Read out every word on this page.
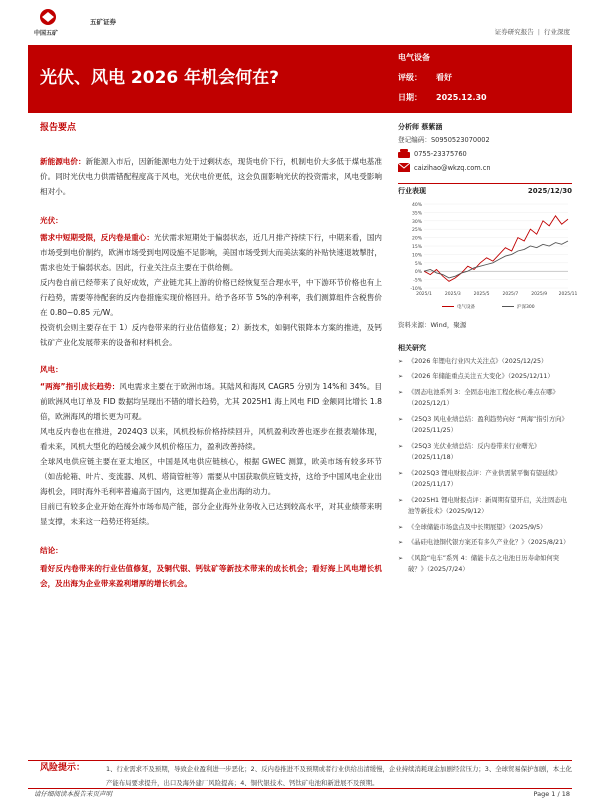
中国五矿
五矿证券
证券研究报告 | 行业深度
光伏、风电 2026 年机会何在?
电气设备
评级： 看好
日期： 2025.12.30
报告要点

新能源电价：新能源入市后，因新能源电力处于过剩状态，现货电价下行，机制电价大多低于煤电基准价。同时光伏电力供需错配程度高于风电，光伏电价更低，这会负面影响光伏的投资需求，风电受影响相对小。

光伏：

需求中短期受限，反内卷是重心：光伏需求短期处于偏弱状态，近几月排产持续下行，中期来看，国内市场受到电价制约，欧洲市场受到电网设施不足影响，美国市场受到大而美法案的补贴快速退坡掣肘，需求也处于偏弱状态。因此，行业关注点主要在于供给侧。

反内卷自前已经带来了良好成效，产业链尤其上游的价格已经恢复至合理水平，中下游环节价格也有上行趋势，需要等待配套的反内卷措施实现价格回升。给予各环节 5%的净利率，我们测算组件含税售价在 0.80~0.85 元/W。

投资机会则主要存在于 1）反内卷带来的行业估值修复；2）新技术，如铜代银降本方案的推进，及钙钛矿产业化发展带来的设备和材料机会。

风电：

“两海”指引成长趋势：风电需求主要在于欧洲市场。其陆风和海风 CAGR5 分别为 14%和 34%。目前欧洲风电订单及 FID 数据均呈现出不错的增长趋势，尤其 2025H1 海上风电 FID 金额同比增长 1.8 倍，欧洲海风的增长更为可观。

风电反内卷也在推进，2024Q3 以来，风机投标价格持续回升，风机盈利改善也逐步在报表端体现，看未来，风机大型化的趋缓会减少风机价格压力，盈利改善持续。

全球风电供应链主要在亚太地区，中国是风电供应链核心，根据 GWEC 测算，欧美市场有较多环节（如齿轮箱、叶片、变流器、风机、塔筒管桩等）需要从中国获取供应链支持，这给予中国风电企业出海机会，同时海外毛利率普遍高于国内，这更加提高企业出海的动力。

目前已有较多企业开始在海外市场布局产能，部分企业海外业务收入已达到较高水平，对其业绩带来明显支撑，未来这一趋势还将延续。

结论：

看好反内卷带来的行业估值修复，及铜代银、钙钛矿等新技术带来的成长机会；看好海上风电增长机会，及出海为企业带来盈利增厚的增长机会。

分析师 蔡紫涵
登记编码：S0950523070002
0755-23375760
caizihao@wkzq.com.cn
行业表现	2025/12/30
40%
35%
30%
25%
20%
15%
10%
5%
0%
-5%
-10%
2025/1	2025/3	2025/5	2025/7	2025/9	2025/11
电气设备	沪深300
资料来源：Wind，聚源
相关研究
➢ 《2026 年锂电行业四大关注点》（2025/12/25）
➢ 《2026 年储能重点关注五大变化》（2025/12/11）
➢ 《固态电池系列 3：全固态电池工程化核心难点在哪》（2025/12/1）
➢ 《25Q3 风电业绩总结：盈利趋势向好 “两海”指引方向》（2025/11/25）
➢ 《25Q3 光伏业绩总结：反内卷带来行业曙光》（2025/11/18）
➢ 《2025Q3 锂电财报点评：产业供需紧平衡有望延续》（2025/11/17）
➢ 《2025H1 锂电财报点评：新周期有望开启，关注固态电池等新技术》（2025/9/12）
➢ 《全球储能市场盘点及中长期展望》（2025/9/5）
➢ 《晶硅电池铜代银方案还有多久产业化？》（2025/8/21）
➢ 《风险“电车”系列 4：储能卡点之电池日历寿命如何突破？》（2025/7/24）
风险提示：	1、行业需求不及预期，导致企业盈利进一步恶化；2、反内卷推进不及预期或者行业供给出清缓慢，企业持续消耗现金加剧经营压力；3、全球贸易保护加剧，本土化产能布局要求提升，出口及海外建厂风险提高；4、铜代银技术、钙钛矿电池和新进展不及预期。
请仔细阅读本报告末页声明	Page 1 / 18
